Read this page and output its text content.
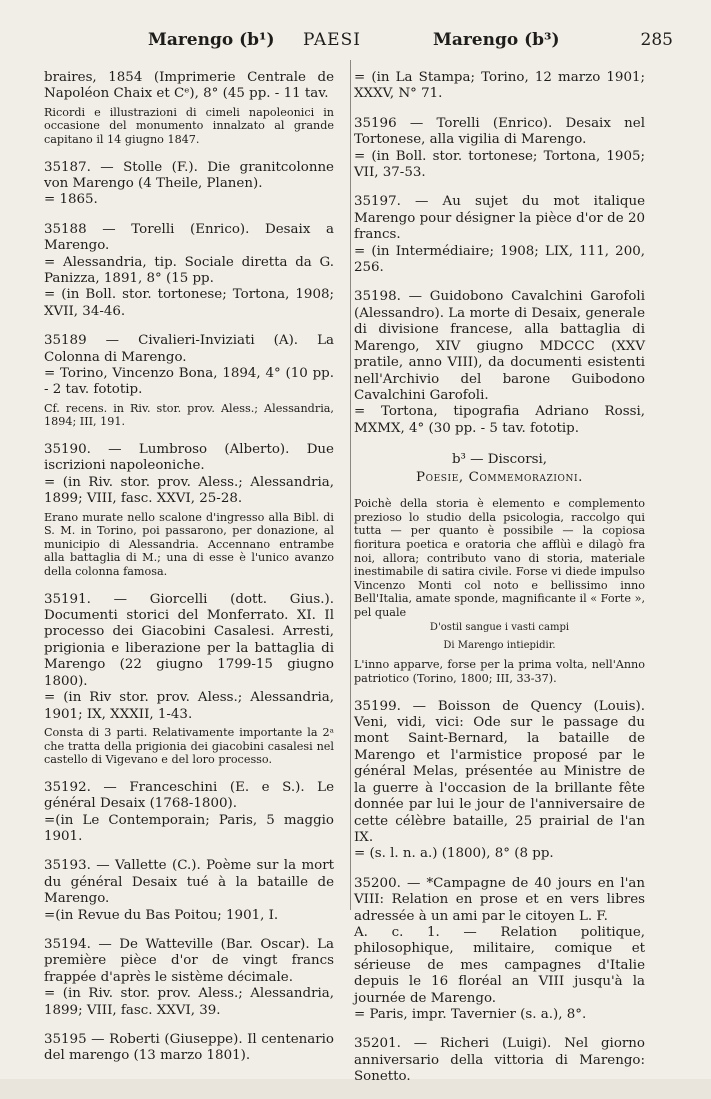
Marengo (b¹) PAESI	Marengo (b³)	285
braires, 1854 (Imprimerie Centrale de Napoléon Chaix et Cᵉ), 8° (45 pp. - 11 tav.
Ricordi e illustrazioni di cimeli napoleonici in occasione del monumento innalzato al grande capitano il 14 giugno 1847.
35187. — Stolle (F.). Die granitcolonne von Marengo (4 Theile, Planen).
= 1865.
35188 — Torelli (Enrico). Desaix a Marengo.
= Alessandria, tip. Sociale diretta da G. Panizza, 1891, 8° (15 pp.
= (in Boll. stor. tortonese; Tortona, 1908; XVII, 34-46.
35189 — Civalieri-Inviziati (A). La Colonna di Marengo.
= Torino, Vincenzo Bona, 1894, 4° (10 pp. - 2 tav. fototip.
Cf. recens. in Riv. stor. prov. Aless.; Alessandria, 1894; III, 191.
35190. — Lumbroso (Alberto). Due iscrizioni napoleoniche.
= (in Riv. stor. prov. Aless.; Alessandria, 1899; VIII, fasc. XXVI, 25-28.
Erano murate nello scalone d'ingresso alla Bibl. di S. M. in Torino, poi passarono, per donazione, al municipio di Alessandria. Accennano entrambe alla battaglia di M.; una di esse è l'unico avanzo della colonna famosa.
35191. — Giorcelli (dott. Gius.). Documenti storici del Monferrato. XI. Il processo dei Giacobini Casalesi. Arresti, prigionia e liberazione per la battaglia di Marengo (22 giugno 1799-15 giugno 1800).
= (in Riv stor. prov. Aless.; Alessandria, 1901; IX, XXXII, 1-43.
Consta di 3 parti. Relativamente importante la 2ᵃ che tratta della prigionia dei giacobini casalesi nel castello di Vigevano e del loro processo.
35192. — Franceschini (E. e S.). Le général Desaix (1768-1800).
=(in Le Contemporain; Paris, 5 maggio 1901.
35193. — Vallette (C.). Poème sur la mort du général Desaix tué à la bataille de Marengo.
=(in Revue du Bas Poitou; 1901, I.
35194. — De Watteville (Bar. Oscar). La première pièce d'or de vingt francs frappée d'après le sistème décimale.
= (in Riv. stor. prov. Aless.; Alessandria, 1899; VIII, fasc. XXVI, 39.
35195 — Roberti (Giuseppe). Il centenario del marengo (13 marzo 1801).
= (in La Stampa; Torino, 12 marzo 1901; XXXV, N° 71.
35196 — Torelli (Enrico). Desaix nel Tortonese, alla vigilia di Marengo.
= (in Boll. stor. tortonese; Tortona, 1905; VII, 37-53.
35197. — Au sujet du mot italique Marengo pour désigner la pièce d'or de 20 francs.
= (in Intermédiaire; 1908; LIX, 111, 200, 256.
35198. — Guidobono Cavalchini Garofoli (Alessandro). La morte di Desaix, generale di divisione francese, alla battaglia di Marengo, XIV giugno MDCCC (XXV pratile, anno VIII), da documenti esistenti nell'Archivio del barone Guibodono Cavalchini Garofoli.
= Tortona, tipografia Adriano Rossi, MXMX, 4° (30 pp. - 5 tav. fototip.
b³ — Discorsi,
Poesie, Commemorazioni.
Poichè della storia è elemento e complemento prezioso lo studio della psicologia, raccolgo qui tutta — per quanto è possibile — la copiosa fioritura poetica e oratoria che afflùì e dilagò fra noi, allora; contributo vano di storia, materiale inestimabile di satira civile. Forse vi diede impulso Vincenzo Monti col noto e bellissimo inno Bell'Italia, amate sponde, magnificante il « Forte », pel quale
D'ostil sangue i vasti campi
Di Marengo intiepidir.
L'inno apparve, forse per la prima volta, nell'Anno patriotico (Torino, 1800; III, 33-37).
35199. — Boisson de Quency (Louis). Veni, vidi, vici: Ode sur le passage du mont Saint-Bernard, la bataille de Marengo et l'armistice proposé par le général Melas, présentée au Ministre de la guerre à l'occasion de la brillante fête donnée par lui le jour de l'anniversaire de cette célèbre bataille, 25 prairial de l'an IX.
= (s. l. n. a.) (1800), 8° (8 pp.
35200. — *Campagne de 40 jours en l'an VIII: Relation en prose et en vers libres adressée à un ami par le citoyen L. F.
A. c. 1. — Relation politique, philosophique, militaire, comique et sérieuse de mes campagnes d'Italie depuis le 16 floréal an VIII jusqu'à la journée de Marengo.
= Paris, impr. Tavernier (s. a.), 8°.
35201. — Richeri (Luigi). Nel giorno anniversario della vittoria di Marengo: Sonetto.
